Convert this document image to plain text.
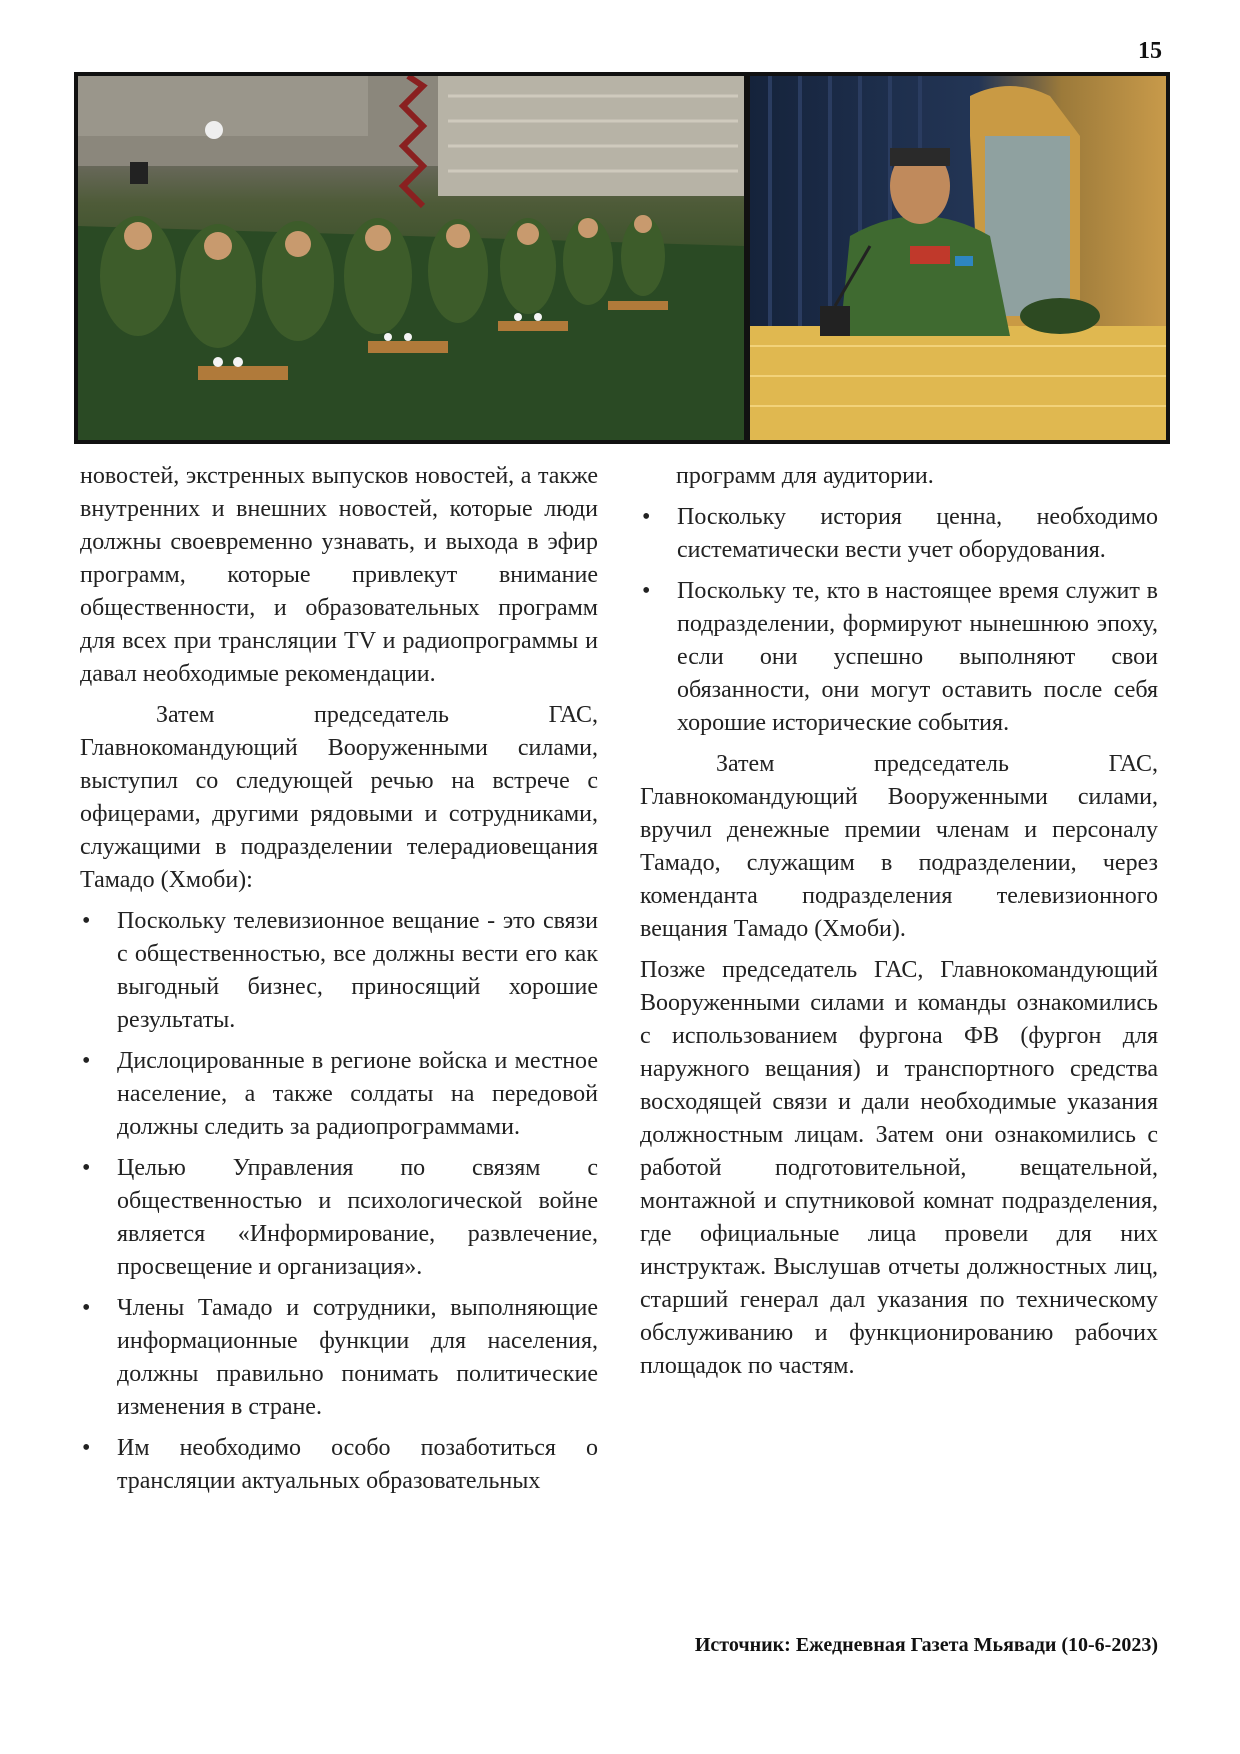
15

новостей, экстренных выпусков новостей, а также внутренних и внешних новостей, которые люди должны своевременно узнавать, и выхода в эфир программ, которые привлекут внимание общественности, и образовательных программ для всех при трансляции TV и радиопрограммы и давал необходимые рекомендации.

Затем председатель ГАС, Главнокомандующий Вооруженными силами, выступил со следующей речью на встрече с офицерами, другими рядовыми и сотрудниками, служащими в подразделении телерадиовещания Тамадо (Хмоби):

• Поскольку телевизионное вещание - это связи с общественностью, все должны вести его как выгодный бизнес, приносящий хорошие результаты.
• Дислоцированные в регионе войска и местное население, а также солдаты на передовой должны следить за радиопрограммами.
• Целью Управления по связям с общественностью и психологической войне является «Информирование, развлечение, просвещение и организация».
• Члены Тамадо и сотрудники, выполняющие информационные функции для населения, должны правильно понимать политические изменения в стране.
• Им необходимо особо позаботиться о трансляции актуальных образовательных

программ для аудитории.

• Поскольку история ценна, необходимо систематически вести учет оборудования.
• Поскольку те, кто в настоящее время служит в подразделении, формируют нынешнюю эпоху, если они успешно выполняют свои обязанности, они могут оставить после себя хорошие исторические события.

Затем председатель ГАС, Главнокомандующий Вооруженными силами, вручил денежные премии членам и персоналу Тамадо, служащим в подразделении, через коменданта подразделения телевизионного вещания Тамадо (Хмоби).

Позже председатель ГАС, Главнокомандующий Вооруженными силами и команды ознакомились с использованием фургона ФВ (фургон для наружного вещания) и транспортного средства восходящей связи и дали необходимые указания должностным лицам. Затем они ознакомились с работой подготовительной, вещательной, монтажной и спутниковой комнат подразделения, где официальные лица провели для них инструктаж. Выслушав отчеты должностных лиц, старший генерал дал указания по техническому обслуживанию и функционированию рабочих площадок по частям.

Источник: Ежедневная Газета Мьявади (10-6-2023)
